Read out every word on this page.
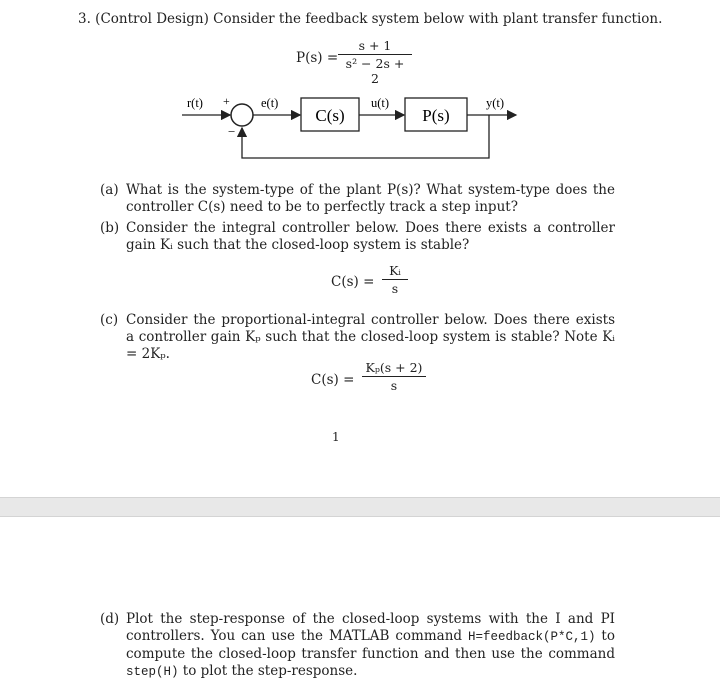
3. (Control Design) Consider the feedback system below with plant transfer function.
P(s) =
s + 1
s² − 2s + 2
r(t) +
−
e(t)
C(s)
u(t)
P(s)
y(t)
(a) What is the system-type of the plant P(s)? What system-type does the controller C(s) need to be to perfectly track a step input?
(b) Consider the integral controller below. Does there exists a controller gain Kᵢ such that the closed-loop system is stable?
C(s) =
Kᵢ
s
(c) Consider the proportional-integral controller below. Does there exists a controller gain Kₚ such that the closed-loop system is stable? Note Kᵢ = 2Kₚ.
C(s) =
Kₚ(s + 2)
s
1
(d) Plot the step-response of the closed-loop systems with the I and PI controllers. You can use the MATLAB command H=feedback(P*C,1) to compute the closed-loop transfer function and then use the command step(H) to plot the step-response.
